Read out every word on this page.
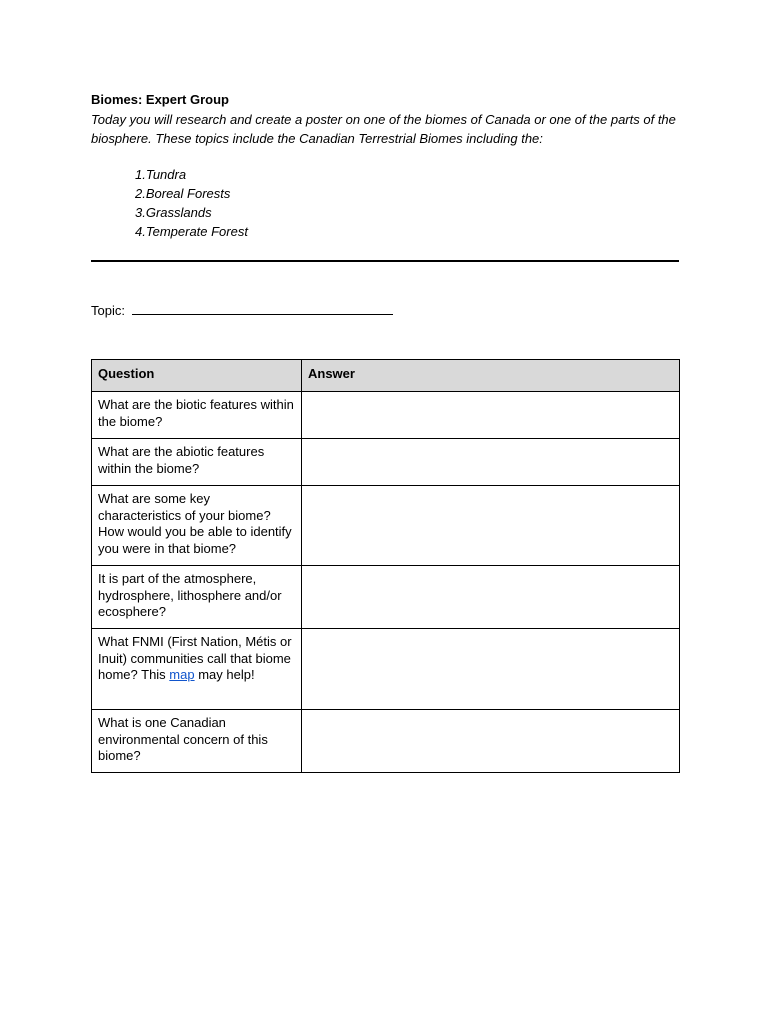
Biomes: Expert Group

Today you will research and create a poster on one of the biomes of Canada or one of the parts of the biosphere. These topics include the Canadian Terrestrial Biomes including the:

1.Tundra
2.Boreal Forests
3.Grasslands
4.Temperate Forest
Topic:
Question	Answer
What are the biotic features within the biome?	
What are the abiotic features within the biome?	
What are some key characteristics of your biome? How would you be able to identify you were in that biome?	
It is part of the atmosphere, hydrosphere, lithosphere and/or ecosphere?	
What FNMI (First Nation, Métis or Inuit) communities call that biome home? This map may help!	
What is one Canadian environmental concern of this biome?	
